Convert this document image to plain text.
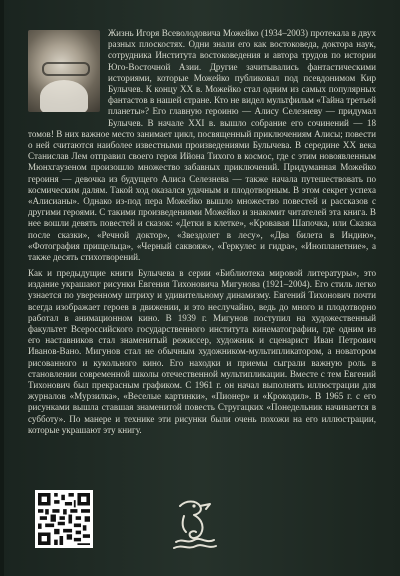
Жизнь Игоря Всеволодовича Можейко (1934–2003) протекала в двух разных плоскостях. Одни знали его как востоковеда, доктора наук, сотрудника Института востоковедения и автора трудов по истории Юго-Восточной Азии. Другие зачитывались фантастическими историями, которые Можейко публиковал под псевдонимом Кир Булычев. К концу XX в. Можейко стал одним из самых популярных фантастов в нашей стране. Кто не видел мультфильм «Тайна третьей планеты»? Его главную героиню — Алису Селезневу — придумал Булычев. В начале XXI в. вышло собрание его сочинений — 18 томов! В них важное место занимает цикл, посвященный приключениям Алисы; повести о ней считаются наиболее известными произведениями Булычева. В середине XX века Станислав Лем отправил своего героя Ийона Тихого в космос, где с этим новоявленным Мюнхгаузеном произошло множество забавных приключений. Придуманная Можейко героиня — девочка из будущего Алиса Селезнева — также начала путешествовать по космическим далям. Такой ход оказался удачным и плодотворным. В этом секрет успеха «Алисианы». Однако из-под пера Можейко вышло множество повестей и рассказов с другими героями. С такими произведениями Можейко и знакомит читателей эта книга. В нее вошли девять повестей и сказок: «Детки в клетке», «Кровавая Шапочка, или Сказка после сказки», «Речной доктор», «Звездолет в лесу», «Два билета в Индию», «Фотография прищельца», «Черный саквояж», «Геркулес и гидра», «Инопланетние», а также десять стихотворений.
Как и предыдущие книги Булычева в серии «Библиотека мировой литературы», это издание украшают рисунки Евгения Тихоновича Мигунова (1921–2004). Его стиль легко узнается по уверенному штриху и удивительному динамизму. Евгений Тихонович почти всегда изображает героев в движении, и это неслучайно, ведь до много и плодотворно работал в анимационном кино. В 1939 г. Мигунов поступил на художественный факультет Всероссийского государственного института кинематографии, где одним из его наставников стал знаменитый режиссер, художник и сценарист Иван Петрович Иванов-Вано. Мигунов стал не обычным художником-мультипликатором, а новатором рисованного и кукольного кино. Его находки и приемы сыграли важную роль в становлении современной школы отечественной мультипликации. Вместе с тем Евгений Тихонович был прекрасным графиком. С 1961 г. он начал выполнять иллюстрации для журналов «Мурзилка», «Веселые картинки», «Пионер» и «Крокодил». В 1965 г. с его рисунками вышла ставшая знаменитой повесть Стругацких «Понедельник начинается в субботу». По манере и технике эти рисунки были очень похожи на его иллюстрации, которые украшают эту книгу.
